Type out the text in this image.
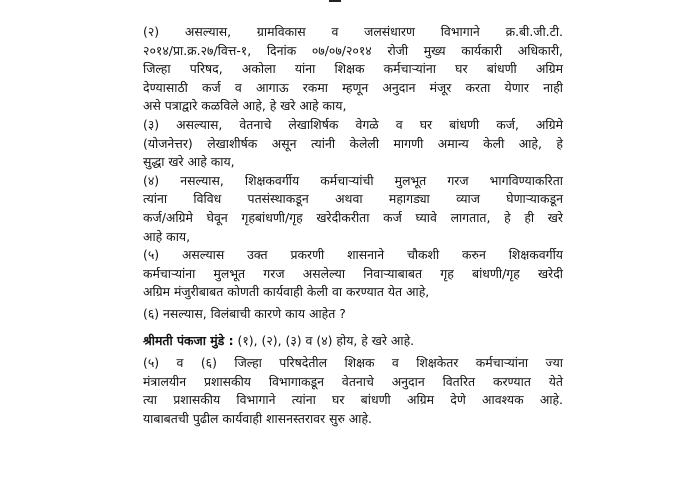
(२) असल्यास, ग्रामविकास व जलसंधारण विभागाने क्र.बी.जी.टी.
२०१४/प्रा.क्र.२७/वित्त-१, दिनांक ०७/०७/२०१४ रोजी मुख्य कार्यकारी अधिकारी,
जिल्हा परिषद, अकोला यांना शिक्षक कर्मचाऱ्यांना घर बांधणी अग्रिम
देण्यासाठी कर्ज व आगाऊ रकमा म्हणून अनुदान मंजूर करता येणार नाही
असे पत्राद्वारे कळविले आहे, हे खरे आहे काय,
(३) असल्यास, वेतनाचे लेखाशिर्षक वेगळे व घर बांधणी कर्ज, अग्रिमे
(योजनेत्तर) लेखाशीर्षक असून त्यांनी केलेली मागणी अमान्य केली आहे, हे
सुद्धा खरे आहे काय,
(४) नसल्यास, शिक्षकवर्गीय कर्मचाऱ्यांची मुलभूत गरज भागविण्याकरिता
त्यांना विविध पतसंस्थाकडून अथवा महागड्या व्याज घेणाऱ्याकडून
कर्ज/अग्रिमे घेवून गृहबांधणी/गृह खरेदीकरीता कर्ज घ्यावे लागतात, हे ही खरे
आहे काय,
(५) असल्यास उक्त प्रकरणी शासनाने चौकशी करुन शिक्षकवर्गीय
कर्मचाऱ्यांना मुलभूत गरज असलेल्या निवाऱ्याबाबत गृह बांधणी/गृह खरेदी
अग्रिम मंजुरीबाबत कोणती कार्यवाही केली वा करण्यात येत आहे,
(६) नसल्यास, विलंबाची कारणे काय आहेत ?
श्रीमती पंकजा मुंडे : (१), (२), (३) व (४) होय, हे खरे आहे.
(५) व (६) जिल्हा परिषदेतील शिक्षक व शिक्षकेतर कर्मचाऱ्यांना ज्या
मंत्रालयीन प्रशासकीय विभागाकडून वेतनाचे अनुदान वितरित करण्यात येते
त्या प्रशासकीय विभागाने त्यांना घर बांधणी अग्रिम देणे आवश्यक आहे.
याबाबतची पुढील कार्यवाही शासनस्तरावर सुरु आहे.
